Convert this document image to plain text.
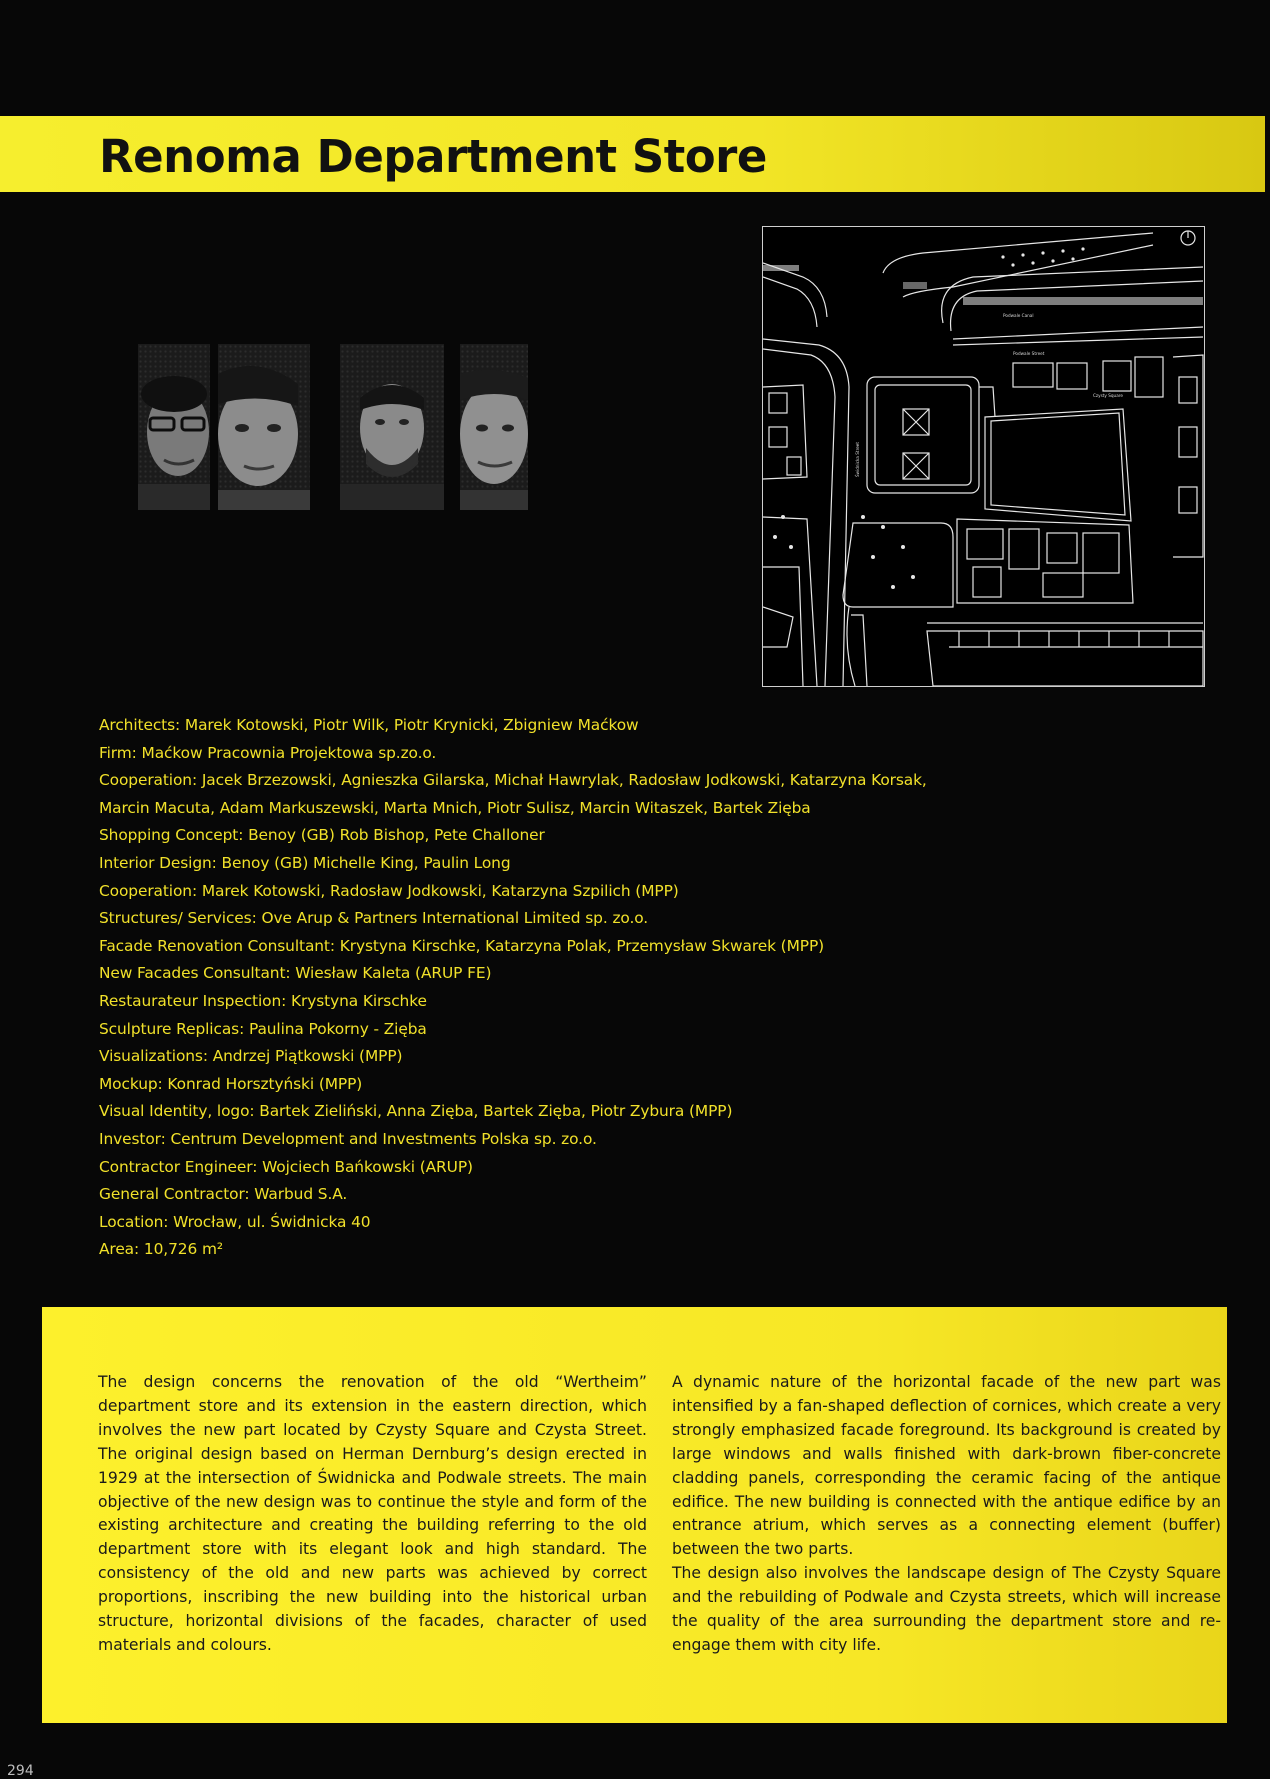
Renoma Department Store
Podwale Canal
Podwale Street
Czysty Square
Świdnicka Street
Architects: Marek Kotowski, Piotr Wilk, Piotr Krynicki, Zbigniew Maćkow
Firm: Maćkow Pracownia Projektowa sp.zo.o.
Cooperation: Jacek Brzezowski, Agnieszka Gilarska, Michał Hawrylak, Radosław Jodkowski, Katarzyna Korsak,
Marcin Macuta, Adam Markuszewski, Marta Mnich, Piotr Sulisz, Marcin Witaszek, Bartek Zięba
Shopping Concept: Benoy (GB) Rob Bishop, Pete Challoner
Interior Design: Benoy (GB) Michelle King, Paulin Long
Cooperation: Marek Kotowski, Radosław Jodkowski, Katarzyna Szpilich (MPP)
Structures/ Services: Ove Arup & Partners International Limited sp. zo.o.
Facade Renovation Consultant: Krystyna Kirschke, Katarzyna Polak, Przemysław Skwarek (MPP)
New Facades Consultant: Wiesław Kaleta (ARUP FE)
Restaurateur Inspection: Krystyna Kirschke
Sculpture Replicas: Paulina Pokorny - Zięba
Visualizations: Andrzej Piątkowski (MPP)
Mockup: Konrad Horsztyński (MPP)
Visual Identity, logo: Bartek Zieliński, Anna Zięba, Bartek Zięba, Piotr Zybura (MPP)
Investor: Centrum Development and Investments Polska sp. zo.o.
Contractor Engineer: Wojciech Bańkowski (ARUP)
General Contractor: Warbud S.A.
Location: Wrocław, ul. Świdnicka 40
Area: 10,726 m²

The design concerns the renovation of the old “Wertheim” department store and its extension in the eastern direction, which involves the new part located by Czysty Square and Czysta Street. The original design based on Herman Dernburg’s design erected in 1929 at the intersection of Świdnicka and Podwale streets. The main objective of the new design was to continue the style and form of the existing architecture and creating the building referring to the old department store with its elegant look and high standard. The consistency of the old and new parts was achieved by correct proportions, inscribing the new building into the historical urban structure, horizontal divisions of the facades, character of used materials and colours.

A dynamic nature of the horizontal facade of the new part was intensified by a fan-shaped deflection of cornices, which create a very strongly emphasized facade foreground. Its background is created by large windows and walls finished with dark-brown fiber-concrete cladding panels, corresponding the ceramic facing of the antique edifice. The new building is connected with the antique edifice by an entrance atrium, which serves as a connecting element (buffer) between the two parts.

The design also involves the landscape design of The Czysty Square and the rebuilding of Podwale and Czysta streets, which will increase the quality of the area surrounding the department store and re-engage them with city life.

294
